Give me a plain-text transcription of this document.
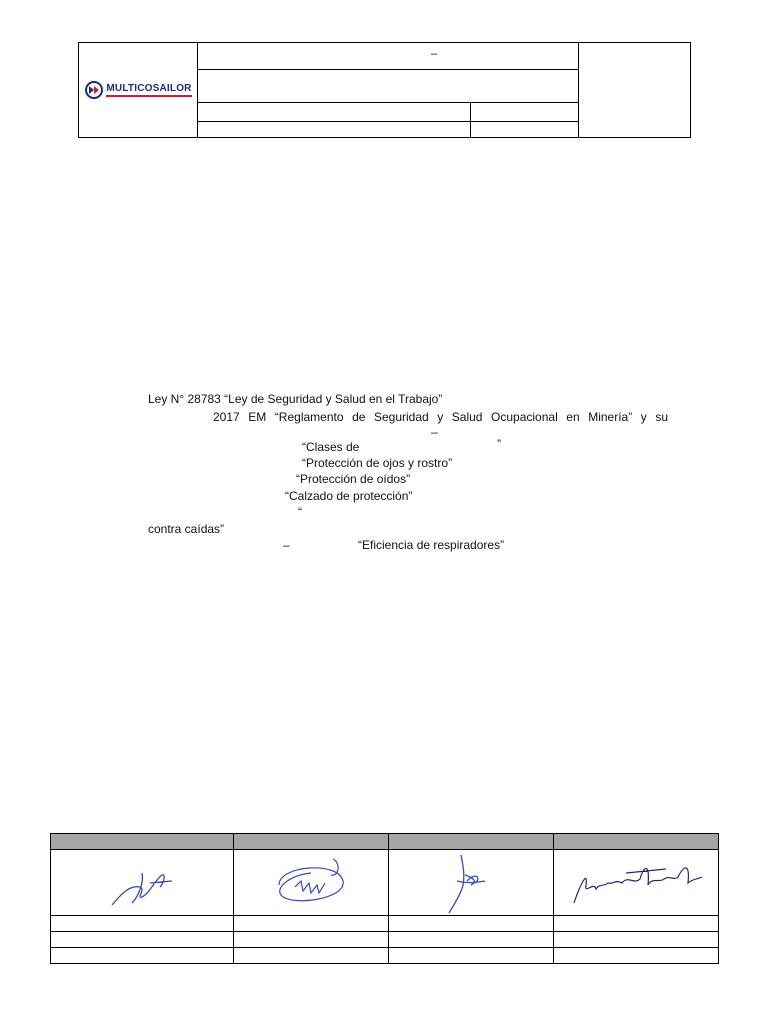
MULTICOSAILOR	–		

Ley N° 28783 “Ley de Seguridad y Salud en el Trabajo”
2017 EM “Reglamento de Seguridad y Salud Ocupacional en Minería” y su
–
“Clases de	”
“Protección de ojos y rostro”
“Protección de oídos”
“Calzado de protección”
“
contra caídas”
–	“Eficiencia de respiradores”
